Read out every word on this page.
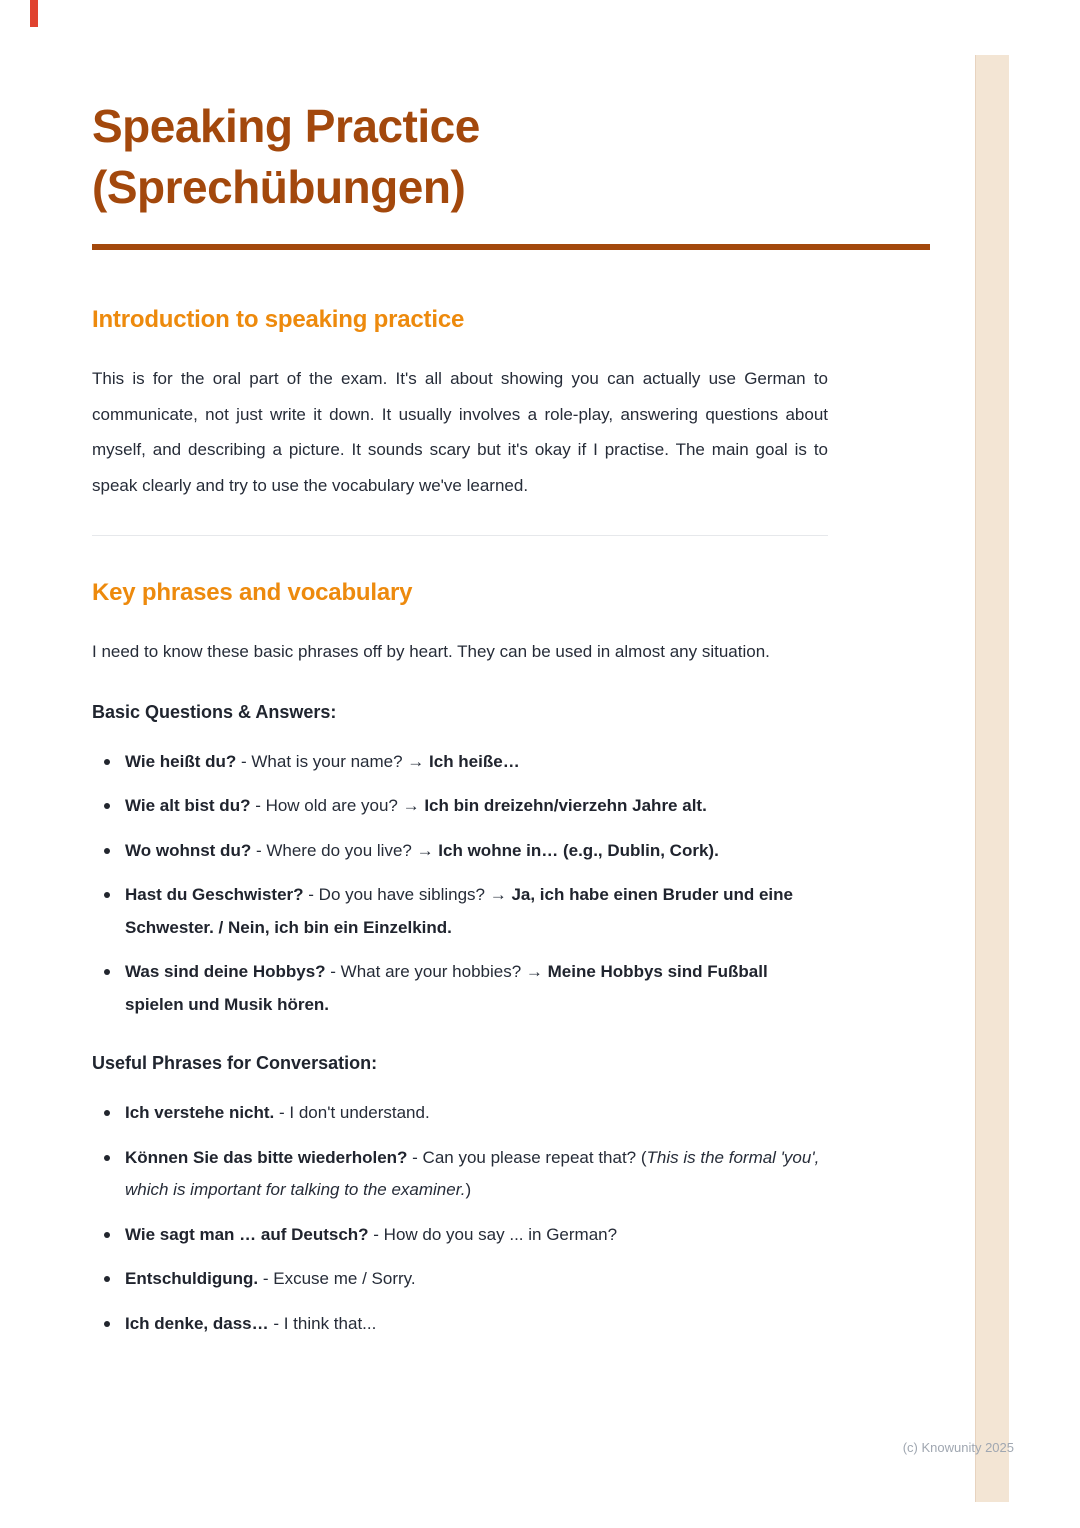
Speaking Practice
(Sprechübungen)
Introduction to speaking practice

This is for the oral part of the exam. It's all about showing you can actually use German to communicate, not just write it down. It usually involves a role-play, answering questions about myself, and describing a picture. It sounds scary but it's okay if I practise. The main goal is to speak clearly and try to use the vocabulary we've learned.

Key phrases and vocabulary

I need to know these basic phrases off by heart. They can be used in almost any situation.

Basic Questions & Answers:
Wie heißt du? - What is your name? → Ich heiße…
Wie alt bist du? - How old are you? → Ich bin dreizehn/vierzehn Jahre alt.
Wo wohnst du? - Where do you live? → Ich wohne in… (e.g., Dublin, Cork).
Hast du Geschwister? - Do you have siblings? → Ja, ich habe einen Bruder und eine Schwester. / Nein, ich bin ein Einzelkind.
Was sind deine Hobbys? - What are your hobbies? → Meine Hobbys sind Fußball spielen und Musik hören.
Useful Phrases for Conversation:
Ich verstehe nicht. - I don't understand.
Können Sie das bitte wiederholen? - Can you please repeat that? (This is the formal 'you', which is important for talking to the examiner.)
Wie sagt man … auf Deutsch? - How do you say ... in German?
Entschuldigung. - Excuse me / Sorry.
Ich denke, dass… - I think that...
(c) Knowunity 2025
